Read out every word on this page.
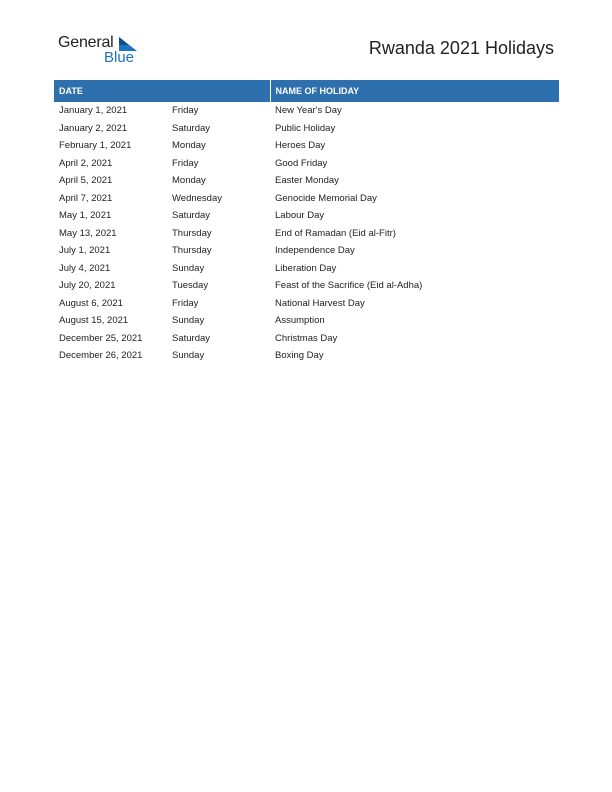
General
Blue	Rwanda 2021 Holidays
DATE		NAME OF HOLIDAY
January 1, 2021	Friday	New Year's Day
January 2, 2021	Saturday	Public Holiday
February 1, 2021	Monday	Heroes Day
April 2, 2021	Friday	Good Friday
April 5, 2021	Monday	Easter Monday
April 7, 2021	Wednesday	Genocide Memorial Day
May 1, 2021	Saturday	Labour Day
May 13, 2021	Thursday	End of Ramadan (Eid al-Fitr)
July 1, 2021	Thursday	Independence Day
July 4, 2021	Sunday	Liberation Day
July 20, 2021	Tuesday	Feast of the Sacrifice (Eid al-Adha)
August 6, 2021	Friday	National Harvest Day
August 15, 2021	Sunday	Assumption
December 25, 2021	Saturday	Christmas Day
December 26, 2021	Sunday	Boxing Day
